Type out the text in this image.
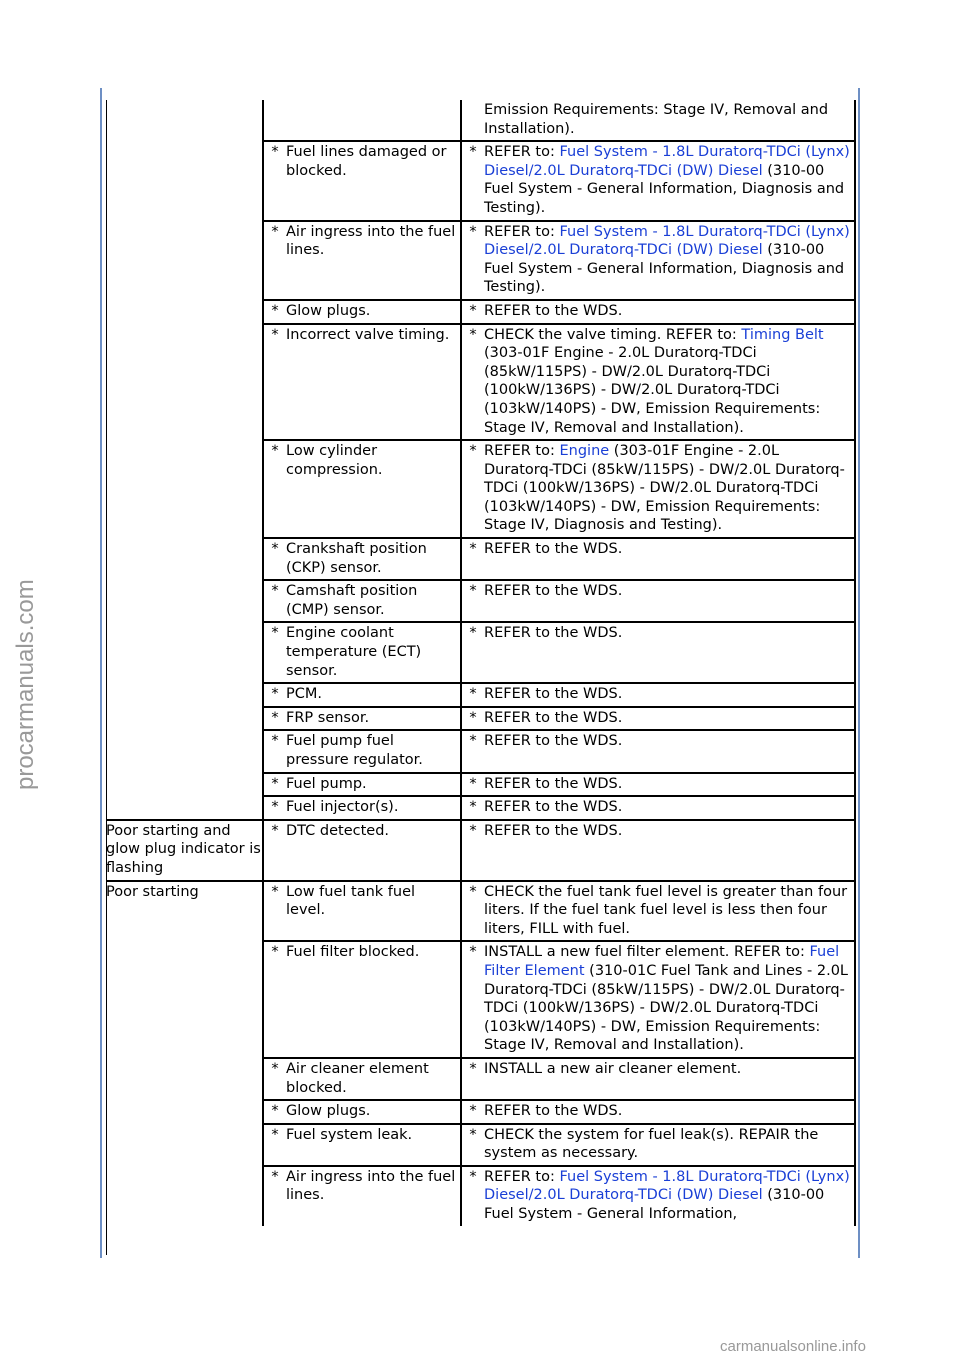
		Emission Requirements: Stage IV, Removal and Installation).

	* Fuel lines damaged or blocked.	* REFER to: Fuel System - 1.8L Duratorq-TDCi (Lynx) Diesel/2.0L Duratorq-TDCi (DW) Diesel (310-00 Fuel System - General Information, Diagnosis and Testing).

	* Air ingress into the fuel lines.	* REFER to: Fuel System - 1.8L Duratorq-TDCi (Lynx) Diesel/2.0L Duratorq-TDCi (DW) Diesel (310-00 Fuel System - General Information, Diagnosis and Testing).

	* Glow plugs.	* REFER to the WDS.

	* Incorrect valve timing.	* CHECK the valve timing. REFER to: Timing Belt (303-01F Engine - 2.0L Duratorq-TDCi (85kW/115PS) - DW/2.0L Duratorq-TDCi (100kW/136PS) - DW/2.0L Duratorq-TDCi (103kW/140PS) - DW, Emission Requirements: Stage IV, Removal and Installation).

	* Low cylinder compression.	* REFER to: Engine (303-01F Engine - 2.0L Duratorq-TDCi (85kW/115PS) - DW/2.0L Duratorq-TDCi (100kW/136PS) - DW/2.0L Duratorq-TDCi (103kW/140PS) - DW, Emission Requirements: Stage IV, Diagnosis and Testing).

	* Crankshaft position (CKP) sensor.	* REFER to the WDS.

	* Camshaft position (CMP) sensor.	* REFER to the WDS.

	* Engine coolant temperature (ECT) sensor.	* REFER to the WDS.

	* PCM.	* REFER to the WDS.

	* FRP sensor.	* REFER to the WDS.

	* Fuel pump fuel pressure regulator.	* REFER to the WDS.

	* Fuel pump.	* REFER to the WDS.

	* Fuel injector(s).	* REFER to the WDS.

Poor starting and glow plug indicator is flashing	* DTC detected.	* REFER to the WDS.

Poor starting	* Low fuel tank fuel level.	* CHECK the fuel tank fuel level is greater than four liters. If the fuel tank fuel level is less then four liters, FILL with fuel.

	* Fuel filter blocked.	* INSTALL a new fuel filter element. REFER to: Fuel Filter Element (310-01C Fuel Tank and Lines - 2.0L Duratorq-TDCi (85kW/115PS) - DW/2.0L Duratorq-TDCi (100kW/136PS) - DW/2.0L Duratorq-TDCi (103kW/140PS) - DW, Emission Requirements: Stage IV, Removal and Installation).

	* Air cleaner element blocked.	* INSTALL a new air cleaner element.

	* Glow plugs.	* REFER to the WDS.

	* Fuel system leak.	* CHECK the system for fuel leak(s). REPAIR the system as necessary.

	* Air ingress into the fuel lines.	* REFER to: Fuel System - 1.8L Duratorq-TDCi (Lynx) Diesel/2.0L Duratorq-TDCi (DW) Diesel (310-00 Fuel System - General Information,
procarmanuals.com
carmanualsonline.info
